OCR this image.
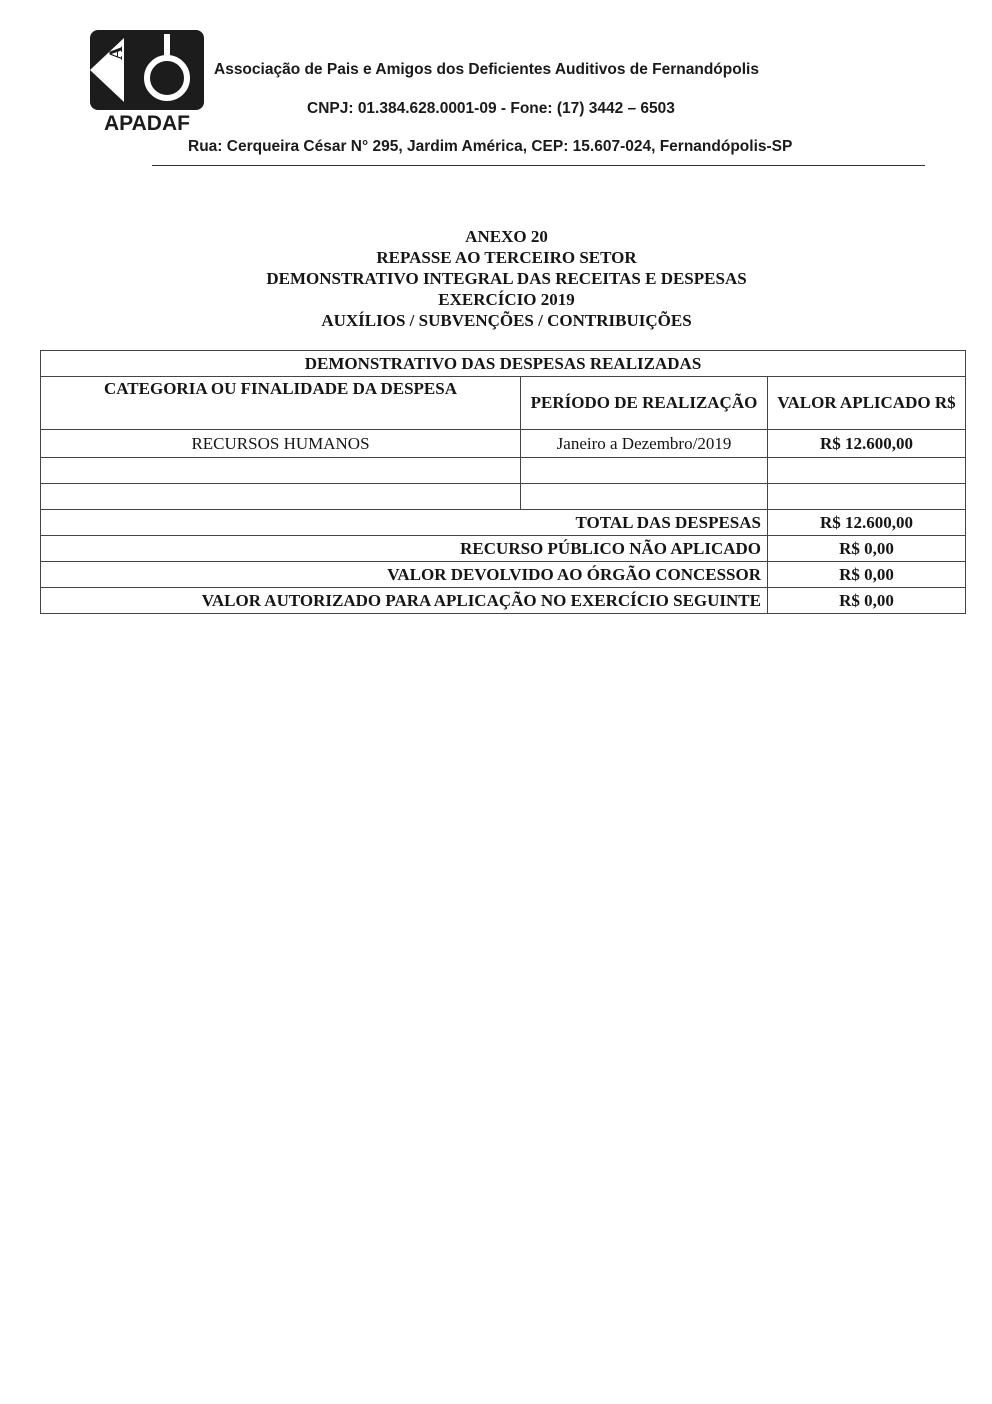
A
APADAF
Associação de Pais e Amigos dos Deficientes Auditivos de Fernandópolis
CNPJ: 01.384.628.0001-09 - Fone: (17) 3442 – 6503
Rua: Cerqueira César N° 295, Jardim América, CEP: 15.607-024, Fernandópolis-SP
ANEXO 20
REPASSE AO TERCEIRO SETOR
DEMONSTRATIVO INTEGRAL DAS RECEITAS E DESPESAS
EXERCÍCIO 2019
AUXÍLIOS / SUBVENÇÕES / CONTRIBUIÇÕES
DEMONSTRATIVO DAS DESPESAS REALIZADAS		
CATEGORIA OU FINALIDADE DA DESPESA	PERÍODO DE REALIZAÇÃO	VALOR APLICADO R$
RECURSOS HUMANOS	Janeiro a Dezembro/2019	R$ 12.600,00

TOTAL DAS DESPESAS		R$ 12.600,00
RECURSO PÚBLICO NÃO APLICADO		R$ 0,00
VALOR DEVOLVIDO AO ÓRGÃO CONCESSOR		R$ 0,00
VALOR AUTORIZADO PARA APLICAÇÃO NO EXERCÍCIO SEGUINTE		R$ 0,00
